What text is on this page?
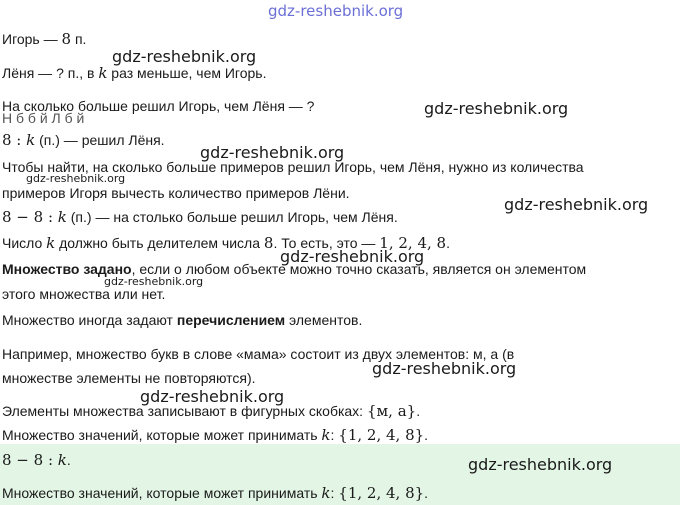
gdz-reshebnik.org
Игорь — 8 п.
Лёня — ? п., в k раз меньше, чем Игорь.
На сколько больше решил Игорь, чем Лёня — ?
Н б б й Л б й
8 : k (п.) — решил Лёня.
Чтобы найти, на сколько больше примеров решил Игорь, чем Лёня, нужно из количества
примеров Игоря вычесть количество примеров Лёни.
8 − 8 : k (п.) — на столько больше решил Игорь, чем Лёня.
Число k должно быть делителем числа 8. То есть, это — 1, 2, 4, 8.
Множество задано, если о любом объекте можно точно сказать, является он элементом
этого множества или нет.
Множество иногда задают перечислением элементов.
Например, множество букв в слове «мама» состоит из двух элементов: м, а (в
множестве элементы не повторяются).
Элементы множества записывают в фигурных скобках: {м, а}.
Множество значений, которые может принимать k: {1, 2, 4, 8}.
8 − 8 : k.
Множество значений, которые может принимать k: {1, 2, 4, 8}.
gdz-reshebnik.org
gdz-reshebnik.org
gdz-reshebnik.org
gdz-reshebnik.org
gdz-reshebnik.org
gdz-reshebnik.org
gdz-reshebnik.org
gdz-reshebnik.org
gdz-reshebnik.org
gdz-reshebnik.org
